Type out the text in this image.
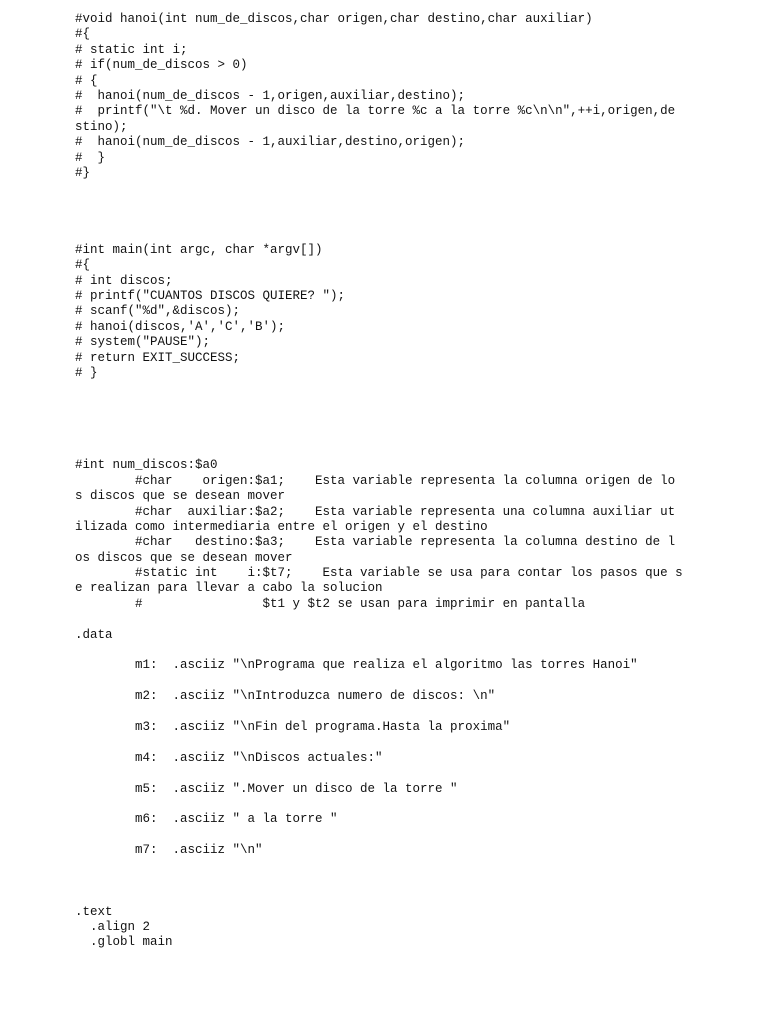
#void hanoi(int num_de_discos,char origen,char destino,char auxiliar)
#{
# static int i;
# if(num_de_discos > 0)
# {
#  hanoi(num_de_discos - 1,origen,auxiliar,destino);
#  printf("\t %d. Mover un disco de la torre %c a la torre %c\n\n",++i,origen,de
stino);
#  hanoi(num_de_discos - 1,auxiliar,destino,origen);
#  }
#}
#int main(int argc, char *argv[])
#{
# int discos;
# printf("CUANTOS DISCOS QUIERE? ");
# scanf("%d",&discos);
# hanoi(discos,'A','C','B');
# system("PAUSE");
# return EXIT_SUCCESS;
# }
#int num_discos:$a0
#char    origen:$a1;    Esta variable representa la columna origen de lo
s discos que se desean mover
#char  auxiliar:$a2;    Esta variable representa una columna auxiliar ut
ilizada como intermediaria entre el origen y el destino
#char   destino:$a3;    Esta variable representa la columna destino de l
os discos que se desean mover
#static int    i:$t7;    Esta variable se usa para contar los pasos que s
e realizan para llevar a cabo la solucion
#                $t1 y $t2 se usan para imprimir en pantalla
.data
m1:  .asciiz "\nPrograma que realiza el algoritmo las torres Hanoi"
m2:  .asciiz "\nIntroduzca numero de discos: \n"
m3:  .asciiz "\nFin del programa.Hasta la proxima"
m4:  .asciiz "\nDiscos actuales:"
m5:  .asciiz ".Mover un disco de la torre "
m6:  .asciiz " a la torre "
m7:  .asciiz "\n"
.text
.align 2
.globl main
